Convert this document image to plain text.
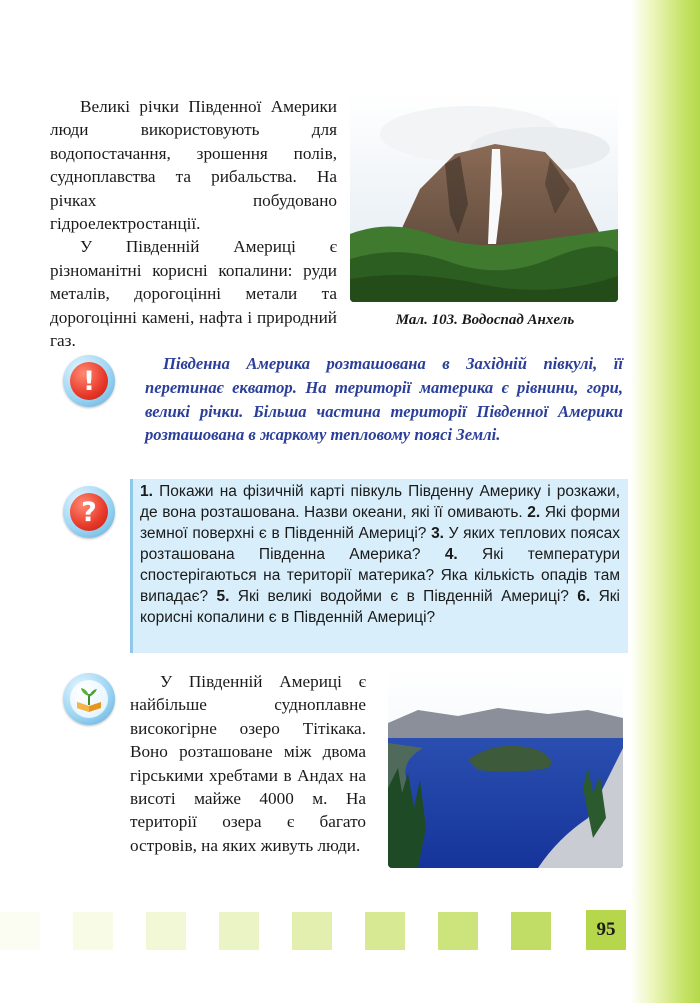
Великі річки Південної Америки люди використовують для водопостачання, зрошення полів, судноплавства та рибальства. На річках побудовано гідроелектростанції.

У Південній Америці є різноманітні корисні копалини: руди металів, дорогоцінні метали та дорогоцінні камені, нафта і природний газ.

Мал. 103. Водоспад Анхель
!

Південна Америка розташована в Західній півкулі, її перетинає екватор. На території материка є рівнини, гори, великі річки. Більша частина території Південної Америки розташована в жаркому тепловому поясі Землі.

?

1. Покажи на фізичній карті півкуль Південну Америку і розкажи, де вона розташована. Назви океани, які її омивають. 2. Які форми земної поверхні є в Південній Америці? 3. У яких теплових поясах розташована Південна Америка? 4. Які температури спостерігаються на території материка? Яка кількість опадів там випадає? 5. Які великі водойми є в Південній Америці? 6. Які корисні копалини є в Південній Америці?

У Південній Америці є найбільше судноплавне високогірне озеро Тітікака. Воно розташоване між двома гірськими хребтами в Андах на висоті майже 4000 м. На території озера є багато островів, на яких живуть люди.

95
